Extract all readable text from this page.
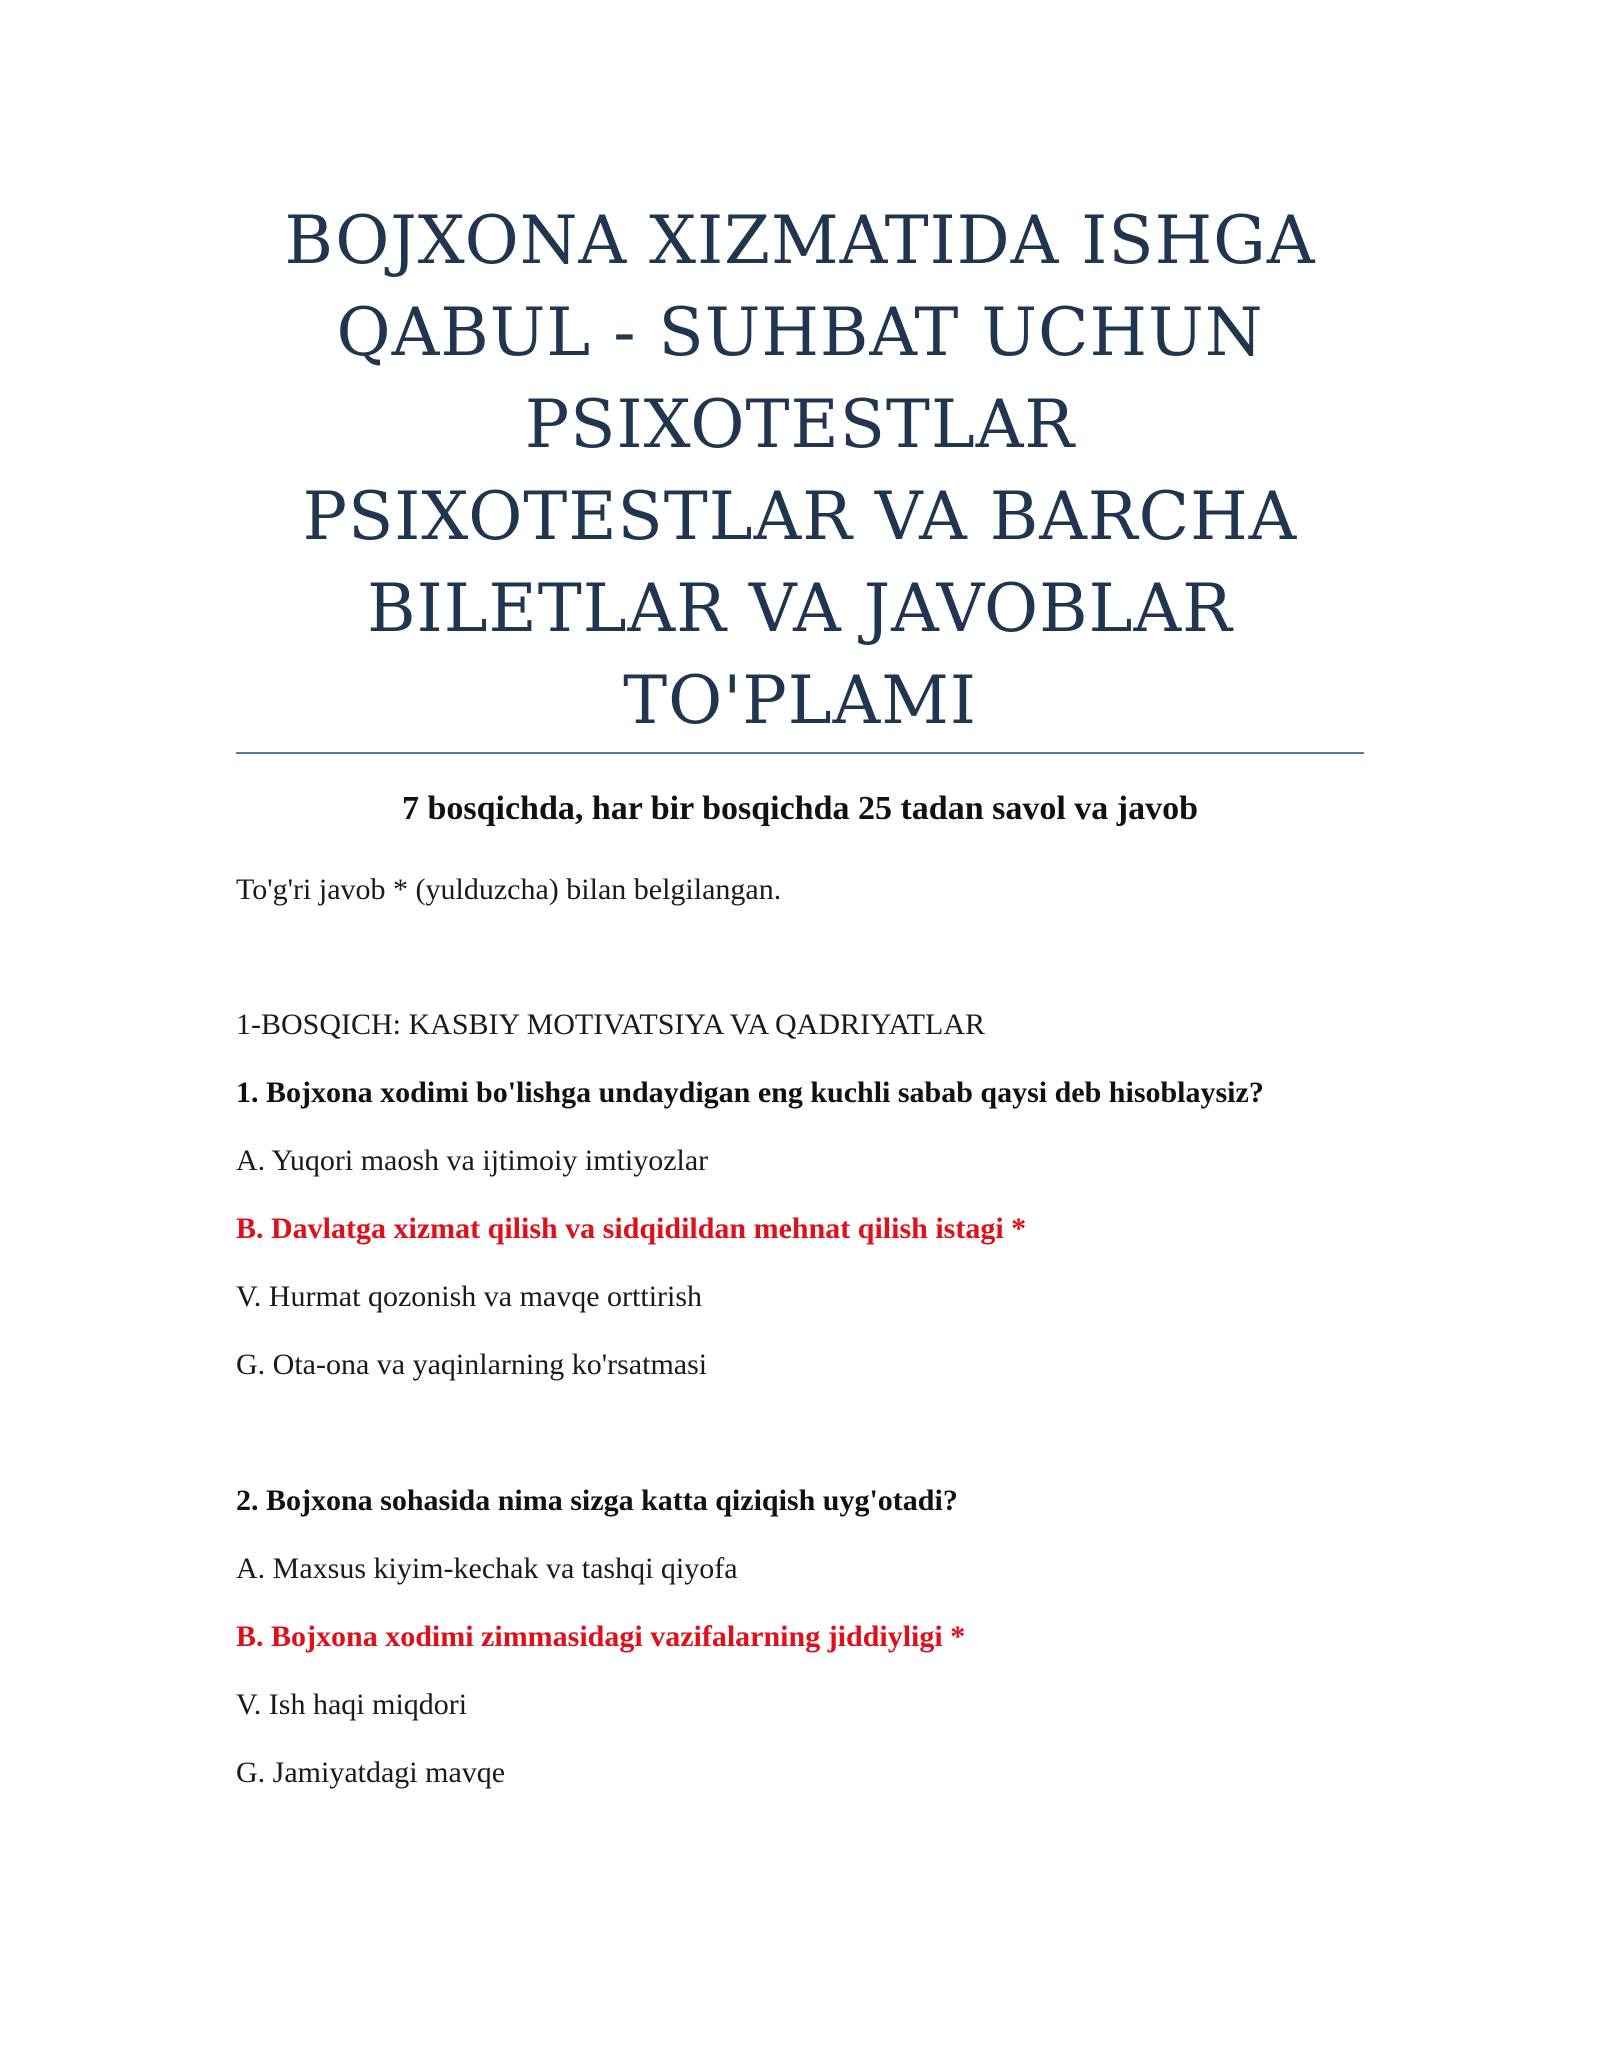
BOJXONA XIZMATIDA ISHGA
QABUL - SUHBAT UCHUN
PSIXOTESTLAR
PSIXOTESTLAR VA BARCHA
BILETLAR VA JAVOBLAR
TO'PLAMI
7 bosqichda, har bir bosqichda 25 tadan savol va javob
To'g'ri javob * (yulduzcha) bilan belgilangan.
1-BOSQICH: KASBIY MOTIVATSIYA VA QADRIYATLAR
1. Bojxona xodimi bo'lishga undaydigan eng kuchli sabab qaysi deb hisoblaysiz?
A. Yuqori maosh va ijtimoiy imtiyozlar
B. Davlatga xizmat qilish va sidqidildan mehnat qilish istagi *
V. Hurmat qozonish va mavqe orttirish
G. Ota-ona va yaqinlarning ko'rsatmasi
2. Bojxona sohasida nima sizga katta qiziqish uyg'otadi?
A. Maxsus kiyim-kechak va tashqi qiyofa
B. Bojxona xodimi zimmasidagi vazifalarning jiddiyligi *
V. Ish haqi miqdori
G. Jamiyatdagi mavqe
